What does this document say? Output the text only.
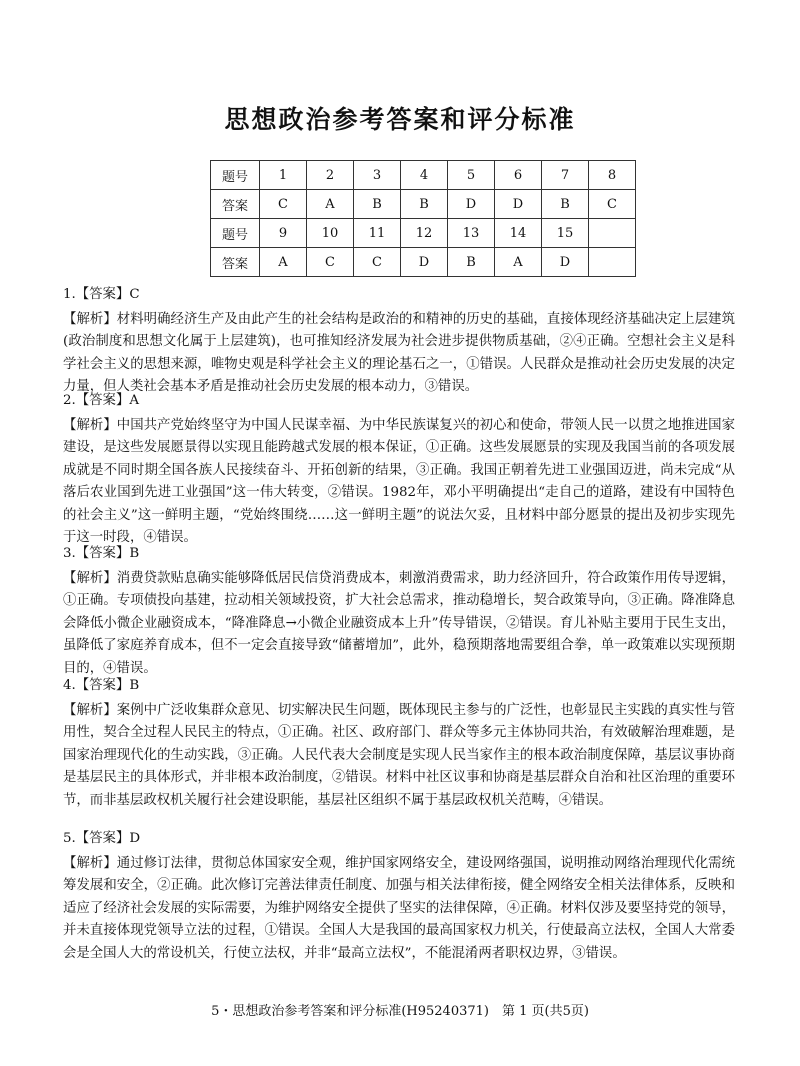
思想政治参考答案和评分标准
题号	1	2	3	4	5	6	7	8
答案	C	A	B	B	D	D	B	C
题号	9	10	11	12	13	14	15	
答案	A	C	C	D	B	A	D	

1.【答案】C

【解析】材料明确经济生产及由此产生的社会结构是政治的和精神的历史的基础，直接体现经济基础决定上层建筑(政治制度和思想文化属于上层建筑)，也可推知经济发展为社会进步提供物质基础，②④正确。空想社会主义是科学社会主义的思想来源，唯物史观是科学社会主义的理论基石之一，①错误。人民群众是推动社会历史发展的决定力量，但人类社会基本矛盾是推动社会历史发展的根本动力，③错误。

2.【答案】A

【解析】中国共产党始终坚守为中国人民谋幸福、为中华民族谋复兴的初心和使命，带领人民一以贯之地推进国家建设，是这些发展愿景得以实现且能跨越式发展的根本保证，①正确。这些发展愿景的实现及我国当前的各项发展成就是不同时期全国各族人民接续奋斗、开拓创新的结果，③正确。我国正朝着先进工业强国迈进，尚未完成“从落后农业国到先进工业强国”这一伟大转变，②错误。1982年，邓小平明确提出“走自己的道路，建设有中国特色的社会主义”这一鲜明主题，“党始终围绕……这一鲜明主题”的说法欠妥，且材料中部分愿景的提出及初步实现先于这一时段，④错误。

3.【答案】B

【解析】消费贷款贴息确实能够降低居民信贷消费成本，刺激消费需求，助力经济回升，符合政策作用传导逻辑，①正确。专项债投向基建，拉动相关领域投资，扩大社会总需求，推动稳增长，契合政策导向，③正确。降准降息会降低小微企业融资成本，“降准降息→小微企业融资成本上升”传导错误，②错误。育儿补贴主要用于民生支出，虽降低了家庭养育成本，但不一定会直接导致“储蓄增加”，此外，稳预期落地需要组合拳，单一政策难以实现预期目的，④错误。

4.【答案】B

【解析】案例中广泛收集群众意见、切实解决民生问题，既体现民主参与的广泛性，也彰显民主实践的真实性与管用性，契合全过程人民民主的特点，①正确。社区、政府部门、群众等多元主体协同共治，有效破解治理难题，是国家治理现代化的生动实践，③正确。人民代表大会制度是实现人民当家作主的根本政治制度保障，基层议事协商是基层民主的具体形式，并非根本政治制度，②错误。材料中社区议事和协商是基层群众自治和社区治理的重要环节，而非基层政权机关履行社会建设职能，基层社区组织不属于基层政权机关范畴，④错误。

5.【答案】D

【解析】通过修订法律，贯彻总体国家安全观，维护国家网络安全，建设网络强国，说明推动网络治理现代化需统筹发展和安全，②正确。此次修订完善法律责任制度、加强与相关法律衔接，健全网络安全相关法律体系，反映和适应了经济社会发展的实际需要，为维护网络安全提供了坚实的法律保障，④正确。材料仅涉及要坚持党的领导，并未直接体现党领导立法的过程，①错误。全国人大是我国的最高国家权力机关，行使最高立法权，全国人大常委会是全国人大的常设机关，行使立法权，并非“最高立法权”，不能混淆两者职权边界，③错误。

5・思想政治参考答案和评分标准(H95240371)　第 1 页(共5页)
